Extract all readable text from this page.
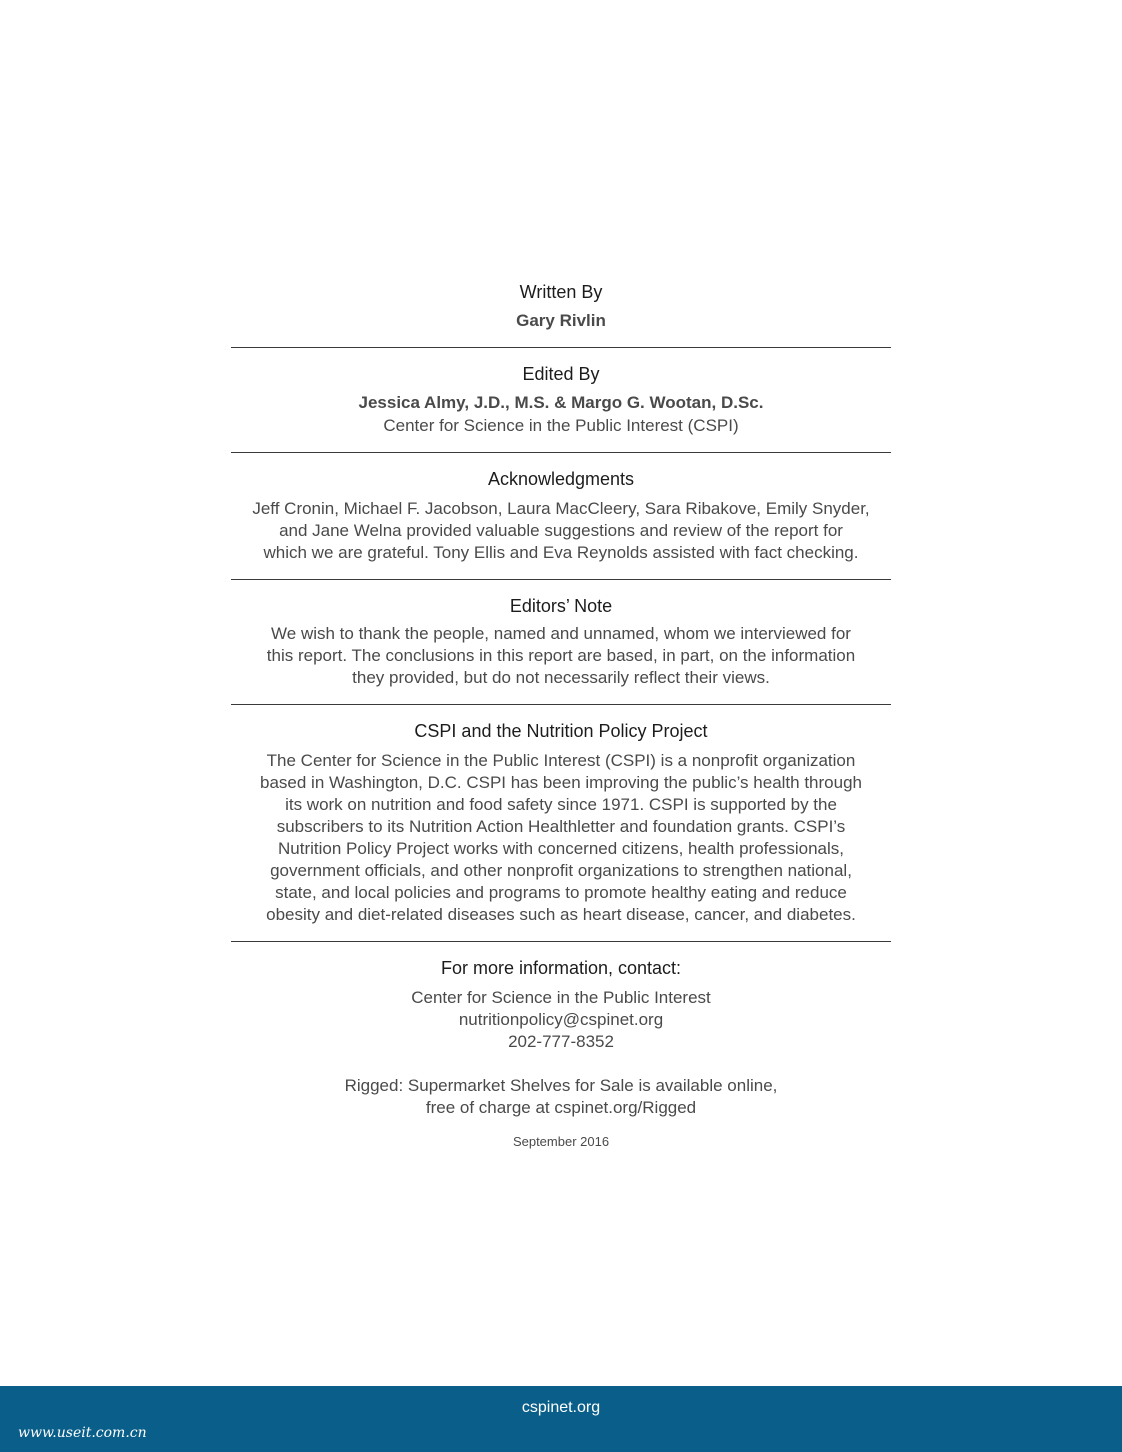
Written By
Gary Rivlin
Edited By
Jessica Almy, J.D., M.S. & Margo G. Wootan, D.Sc.
Center for Science in the Public Interest (CSPI)
Acknowledgments
Jeff Cronin, Michael F. Jacobson, Laura MacCleery, Sara Ribakove, Emily Snyder,
and Jane Welna provided valuable suggestions and review of the report for
which we are grateful. Tony Ellis and Eva Reynolds assisted with fact checking.
Editors’ Note
We wish to thank the people, named and unnamed, whom we interviewed for
this report. The conclusions in this report are based, in part, on the information
they provided, but do not necessarily reflect their views.
CSPI and the Nutrition Policy Project
The Center for Science in the Public Interest (CSPI) is a nonprofit organization
based in Washington, D.C. CSPI has been improving the public’s health through
its work on nutrition and food safety since 1971. CSPI is supported by the
subscribers to its Nutrition Action Healthletter and foundation grants. CSPI’s
Nutrition Policy Project works with concerned citizens, health professionals,
government officials, and other nonprofit organizations to strengthen national,
state, and local policies and programs to promote healthy eating and reduce
obesity and diet-related diseases such as heart disease, cancer, and diabetes.
For more information, contact:
Center for Science in the Public Interest
nutritionpolicy@cspinet.org
202-777-8352
Rigged: Supermarket Shelves for Sale is available online,
free of charge at cspinet.org/Rigged
September 2016
cspinet.org
www.useit.com.cn
